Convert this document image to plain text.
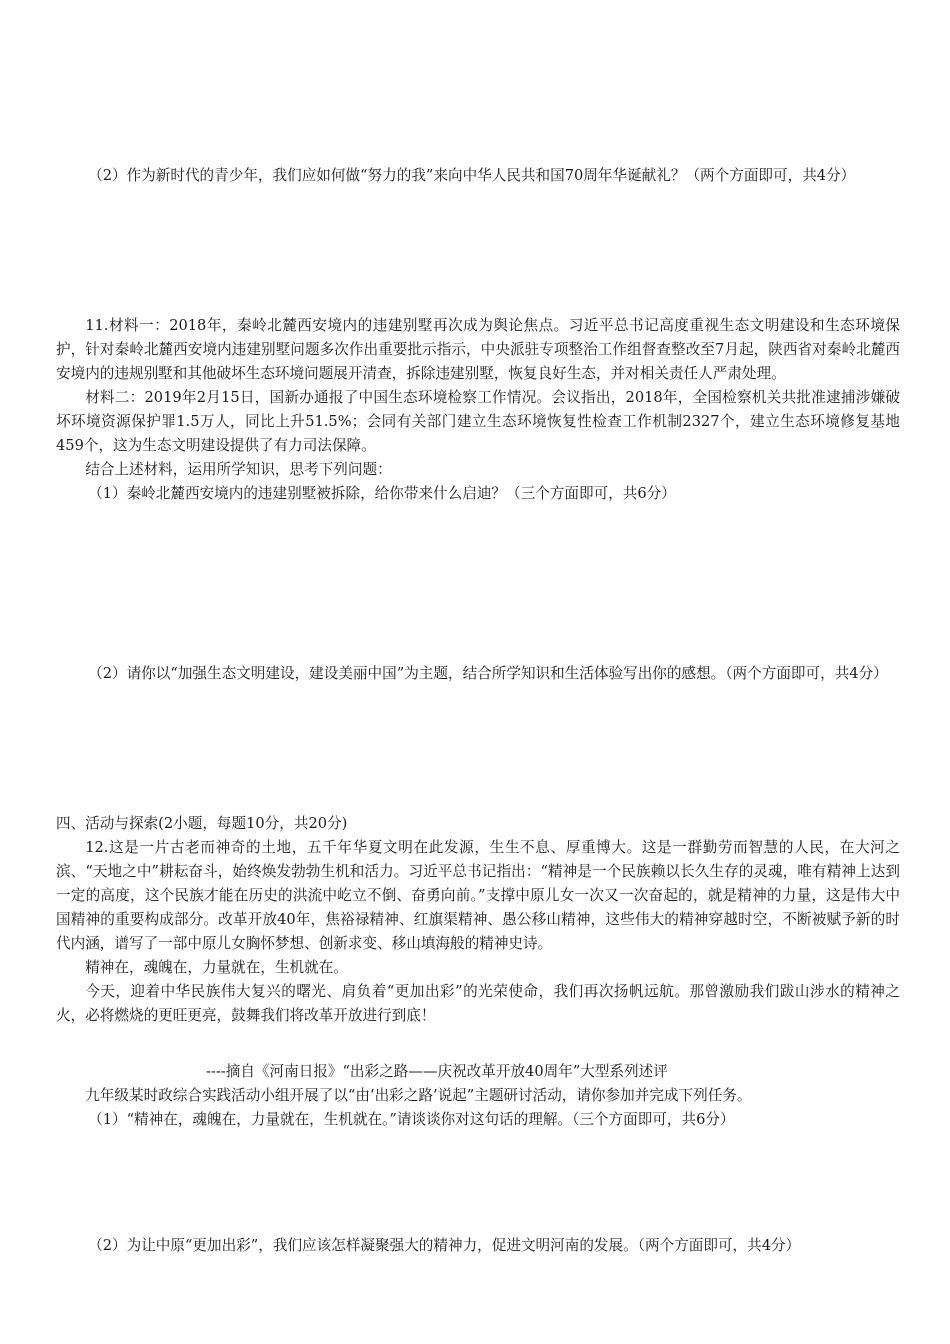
（2）作为新时代的青少年，我们应如何做“努力的我”来向中华人民共和国70周年华诞献礼？（两个方面即可，共4分）

11.材料一：2018年，秦岭北麓西安境内的违建别墅再次成为舆论焦点。习近平总书记高度重视生态文明建设和生态环境保护，针对秦岭北麓西安境内违建别墅问题多次作出重要批示指示，中央派驻专项整治工作组督查整改至7月起，陕西省对秦岭北麓西安境内的违规别墅和其他破坏生态环境问题展开清查，拆除违建别墅，恢复良好生态，并对相关责任人严肃处理。

材料二：2019年2月15日，国新办通报了中国生态环境检察工作情况。会议指出，2018年，全国检察机关共批准逮捕涉嫌破坏环境资源保护罪1.5万人，同比上升51.5%；会同有关部门建立生态环境恢复性检查工作机制2327个，建立生态环境修复基地459个，这为生态文明建设提供了有力司法保障。

结合上述材料，运用所学知识，思考下列问题：

（1）秦岭北麓西安境内的违建别墅被拆除，给你带来什么启迪？（三个方面即可，共6分）

（2）请你以“加强生态文明建设，建设美丽中国”为主题，结合所学知识和生活体验写出你的感想。（两个方面即可，共4分）

四、活动与探索(2小题，每题10分，共20分)

12.这是一片古老而神奇的土地，五千年华夏文明在此发源，生生不息、厚重博大。这是一群勤劳而智慧的人民，在大河之滨、“天地之中”耕耘奋斗，始终焕发勃勃生机和活力。习近平总书记指出：“精神是一个民族赖以长久生存的灵魂，唯有精神上达到一定的高度，这个民族才能在历史的洪流中屹立不倒、奋勇向前。”支撑中原儿女一次又一次奋起的，就是精神的力量，这是伟大中国精神的重要构成部分。改革开放40年，焦裕禄精神、红旗渠精神、愚公移山精神，这些伟大的精神穿越时空，不断被赋予新的时代内涵，谱写了一部中原儿女胸怀梦想、创新求变、移山填海般的精神史诗。

精神在，魂魄在，力量就在，生机就在。

今天，迎着中华民族伟大复兴的曙光、肩负着“更加出彩”的光荣使命，我们再次扬帆远航。那曾激励我们跋山涉水的精神之火，必将燃烧的更旺更亮，鼓舞我们将改革开放进行到底！

----摘自《河南日报》“出彩之路——庆祝改革开放40周年”大型系列述评

九年级某时政综合实践活动小组开展了以“由‘出彩之路’说起”主题研讨活动，请你参加并完成下列任务。

（1）“精神在，魂魄在，力量就在，生机就在。”请谈谈你对这句话的理解。（三个方面即可，共6分）

（2）为让中原“更加出彩”，我们应该怎样凝聚强大的精神力，促进文明河南的发展。（两个方面即可，共4分）
